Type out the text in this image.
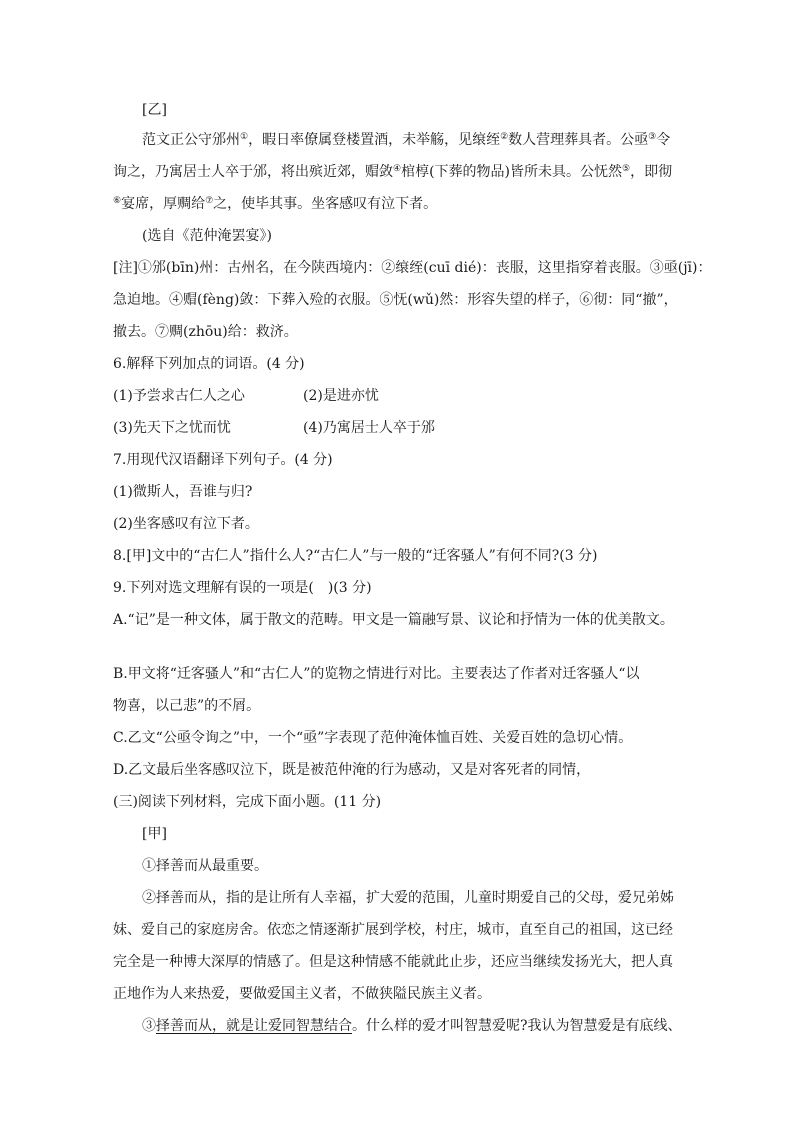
[乙]
范文正公守邠州①，暇日率僚属登楼置酒，未举觞，见缞绖②数人营理葬具者。公亟③令
询之，乃寓居士人卒于邠，将出殡近郊，赗敛④棺椁(下葬的物品)皆所未具。公怃然⑤，即彻
⑥宴席，厚赒给⑦之，使毕其事。坐客感叹有泣下者。
(选自《范仲淹罢宴》)
[注]①邠(bīn)州：古州名，在今陕西境内：②缞绖(cuī dié)：丧服，这里指穿着丧服。③亟(jī)：
急迫地。④赗(fèng)敛：下葬入殓的衣服。⑤怃(wǔ)然：形容失望的样子，⑥彻：同“撤”，
撤去。⑦赒(zhōu)给：救济。
6.解释下列加点的词语。(4 分)
(1)予尝求古仁人之心	(2)是进亦忧
(3)先天下之忧而忧	(4)乃寓居士人卒于邠
7.用现代汉语翻译下列句子。(4 分)
(1)微斯人，吾谁与归?
(2)坐客感叹有泣下者。
8.[甲]文中的“古仁人”指什么人?“古仁人”与一般的“迁客骚人”有何不同?(3 分)
9.下列对选文理解有误的一项是( )(3 分)
A.“记”是一种文体，属于散文的范畴。甲文是一篇融写景、议论和抒情为一体的优美散文。
B.甲文将“迁客骚人”和“古仁人”的览物之情进行对比。主要表达了作者对迁客骚人“以
物喜，以己悲”的不屑。
C.乙文“公亟令询之”中，一个“亟”字表现了范仲淹体恤百姓、关爱百姓的急切心情。
D.乙文最后坐客感叹泣下，既是被范仲淹的行为感动，又是对客死者的同情，
(三)阅读下列材料，完成下面小题。(11 分)
[甲]
①择善而从最重要。
②择善而从，指的是让所有人幸福，扩大爱的范围，儿童时期爱自己的父母，爱兄弟姊
妹、爱自己的家庭房舍。依恋之情逐渐扩展到学校，村庄，城市，直至自己的祖国，这已经
完全是一种博大深厚的情感了。但是这种情感不能就此止步，还应当继续发扬光大，把人真
正地作为人来热爱，要做爱国主义者，不做狭隘民族主义者。
③择善而从，就是让爱同智慧结合。什么样的爱才叫智慧爱呢?我认为智慧爱是有底线、
